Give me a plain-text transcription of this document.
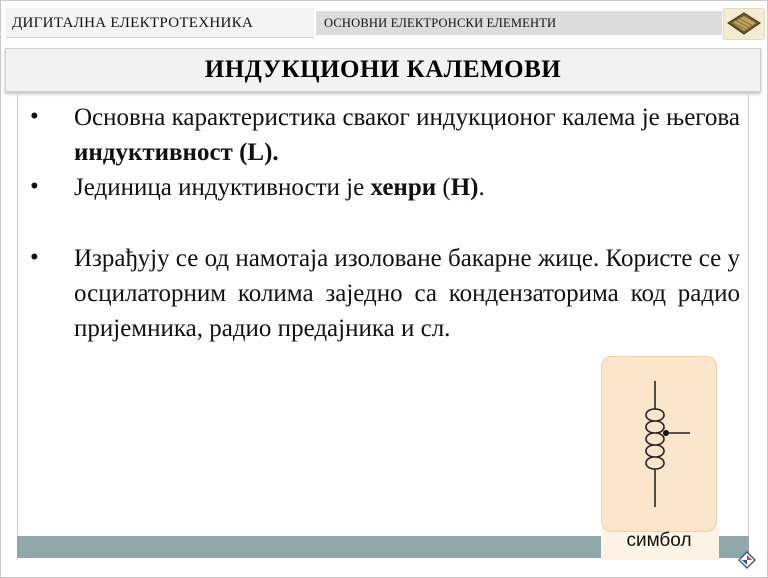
ДИГИТАЛНА ЕЛЕКТРОТЕХНИКА	ОСНОВНИ ЕЛЕКТРОНСКИ ЕЛЕМЕНТИ
ИНДУКЦИОНИ КАЛЕМОВИ
• Основна карактеристика сваког индукционог калема је његова индуктивност (L).
• Јединица индуктивности је хенри (H).
• Израђују се од намотаја изоловане бакарне жице. Користе се у осцилаторним колима заједно са кондензаторима код радио пријемника, радио предајника и сл.
симбол
